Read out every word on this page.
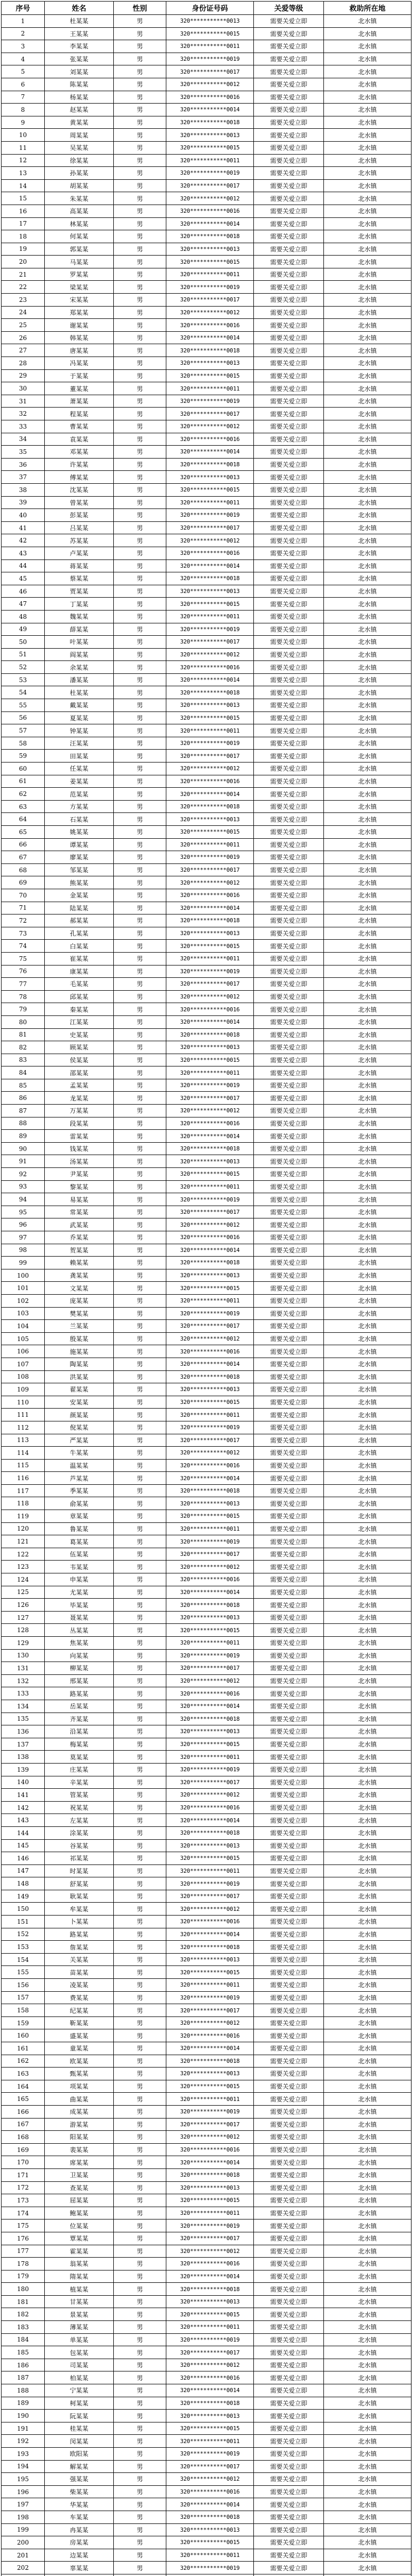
序号	姓名	性别	身份证号码	关爱等级	救助所在地
1	杜某某	男	320***********0013	需要关爱立即	北水镇
2	王某某	男	320***********0015	需要关爱立即	北水镇
3	李某某	男	320***********0011	需要关爱立即	北水镇
4	张某某	男	320***********0019	需要关爱立即	北水镇
5	刘某某	男	320***********0017	需要关爱立即	北水镇
6	陈某某	男	320***********0012	需要关爱立即	北水镇
7	杨某某	男	320***********0016	需要关爱立即	北水镇
8	赵某某	男	320***********0014	需要关爱立即	北水镇
9	黄某某	男	320***********0018	需要关爱立即	北水镇
10	周某某	男	320***********0013	需要关爱立即	北水镇
11	吴某某	男	320***********0015	需要关爱立即	北水镇
12	徐某某	男	320***********0011	需要关爱立即	北水镇
13	孙某某	男	320***********0019	需要关爱立即	北水镇
14	胡某某	男	320***********0017	需要关爱立即	北水镇
15	朱某某	男	320***********0012	需要关爱立即	北水镇
16	高某某	男	320***********0016	需要关爱立即	北水镇
17	林某某	男	320***********0014	需要关爱立即	北水镇
18	何某某	男	320***********0018	需要关爱立即	北水镇
19	郭某某	男	320***********0013	需要关爱立即	北水镇
20	马某某	男	320***********0015	需要关爱立即	北水镇
21	罗某某	男	320***********0011	需要关爱立即	北水镇
22	梁某某	男	320***********0019	需要关爱立即	北水镇
23	宋某某	男	320***********0017	需要关爱立即	北水镇
24	郑某某	男	320***********0012	需要关爱立即	北水镇
25	谢某某	男	320***********0016	需要关爱立即	北水镇
26	韩某某	男	320***********0014	需要关爱立即	北水镇
27	唐某某	男	320***********0018	需要关爱立即	北水镇
28	冯某某	男	320***********0013	需要关爱立即	北水镇
29	于某某	男	320***********0015	需要关爱立即	北水镇
30	董某某	男	320***********0011	需要关爱立即	北水镇
31	萧某某	男	320***********0019	需要关爱立即	北水镇
32	程某某	男	320***********0017	需要关爱立即	北水镇
33	曹某某	男	320***********0012	需要关爱立即	北水镇
34	袁某某	男	320***********0016	需要关爱立即	北水镇
35	邓某某	男	320***********0014	需要关爱立即	北水镇
36	许某某	男	320***********0018	需要关爱立即	北水镇
37	傅某某	男	320***********0013	需要关爱立即	北水镇
38	沈某某	男	320***********0015	需要关爱立即	北水镇
39	曾某某	男	320***********0011	需要关爱立即	北水镇
40	彭某某	男	320***********0019	需要关爱立即	北水镇
41	吕某某	男	320***********0017	需要关爱立即	北水镇
42	苏某某	男	320***********0012	需要关爱立即	北水镇
43	卢某某	男	320***********0016	需要关爱立即	北水镇
44	蒋某某	男	320***********0014	需要关爱立即	北水镇
45	蔡某某	男	320***********0018	需要关爱立即	北水镇
46	贾某某	男	320***********0013	需要关爱立即	北水镇
47	丁某某	男	320***********0015	需要关爱立即	北水镇
48	魏某某	男	320***********0011	需要关爱立即	北水镇
49	薛某某	男	320***********0019	需要关爱立即	北水镇
50	叶某某	男	320***********0017	需要关爱立即	北水镇
51	阎某某	男	320***********0012	需要关爱立即	北水镇
52	余某某	男	320***********0016	需要关爱立即	北水镇
53	潘某某	男	320***********0014	需要关爱立即	北水镇
54	杜某某	男	320***********0018	需要关爱立即	北水镇
55	戴某某	男	320***********0013	需要关爱立即	北水镇
56	夏某某	男	320***********0015	需要关爱立即	北水镇
57	钟某某	男	320***********0011	需要关爱立即	北水镇
58	汪某某	男	320***********0019	需要关爱立即	北水镇
59	田某某	男	320***********0017	需要关爱立即	北水镇
60	任某某	男	320***********0012	需要关爱立即	北水镇
61	姜某某	男	320***********0016	需要关爱立即	北水镇
62	范某某	男	320***********0014	需要关爱立即	北水镇
63	方某某	男	320***********0018	需要关爱立即	北水镇
64	石某某	男	320***********0013	需要关爱立即	北水镇
65	姚某某	男	320***********0015	需要关爱立即	北水镇
66	谭某某	男	320***********0011	需要关爱立即	北水镇
67	廖某某	男	320***********0019	需要关爱立即	北水镇
68	邹某某	男	320***********0017	需要关爱立即	北水镇
69	熊某某	男	320***********0012	需要关爱立即	北水镇
70	金某某	男	320***********0016	需要关爱立即	北水镇
71	陆某某	男	320***********0014	需要关爱立即	北水镇
72	郝某某	男	320***********0018	需要关爱立即	北水镇
73	孔某某	男	320***********0013	需要关爱立即	北水镇
74	白某某	男	320***********0015	需要关爱立即	北水镇
75	崔某某	男	320***********0011	需要关爱立即	北水镇
76	康某某	男	320***********0019	需要关爱立即	北水镇
77	毛某某	男	320***********0017	需要关爱立即	北水镇
78	邱某某	男	320***********0012	需要关爱立即	北水镇
79	秦某某	男	320***********0016	需要关爱立即	北水镇
80	江某某	男	320***********0014	需要关爱立即	北水镇
81	史某某	男	320***********0018	需要关爱立即	北水镇
82	顾某某	男	320***********0013	需要关爱立即	北水镇
83	侯某某	男	320***********0015	需要关爱立即	北水镇
84	邵某某	男	320***********0011	需要关爱立即	北水镇
85	孟某某	男	320***********0019	需要关爱立即	北水镇
86	龙某某	男	320***********0017	需要关爱立即	北水镇
87	万某某	男	320***********0012	需要关爱立即	北水镇
88	段某某	男	320***********0016	需要关爱立即	北水镇
89	雷某某	男	320***********0014	需要关爱立即	北水镇
90	钱某某	男	320***********0018	需要关爱立即	北水镇
91	汤某某	男	320***********0013	需要关爱立即	北水镇
92	尹某某	男	320***********0015	需要关爱立即	北水镇
93	黎某某	男	320***********0011	需要关爱立即	北水镇
94	易某某	男	320***********0019	需要关爱立即	北水镇
95	常某某	男	320***********0017	需要关爱立即	北水镇
96	武某某	男	320***********0012	需要关爱立即	北水镇
97	乔某某	男	320***********0016	需要关爱立即	北水镇
98	贺某某	男	320***********0014	需要关爱立即	北水镇
99	赖某某	男	320***********0018	需要关爱立即	北水镇
100	龚某某	男	320***********0013	需要关爱立即	北水镇
101	文某某	男	320***********0015	需要关爱立即	北水镇
102	庞某某	男	320***********0011	需要关爱立即	北水镇
103	樊某某	男	320***********0019	需要关爱立即	北水镇
104	兰某某	男	320***********0017	需要关爱立即	北水镇
105	殷某某	男	320***********0012	需要关爱立即	北水镇
106	施某某	男	320***********0016	需要关爱立即	北水镇
107	陶某某	男	320***********0014	需要关爱立即	北水镇
108	洪某某	男	320***********0018	需要关爱立即	北水镇
109	翟某某	男	320***********0013	需要关爱立即	北水镇
110	安某某	男	320***********0015	需要关爱立即	北水镇
111	颜某某	男	320***********0011	需要关爱立即	北水镇
112	倪某某	男	320***********0019	需要关爱立即	北水镇
113	严某某	男	320***********0017	需要关爱立即	北水镇
114	牛某某	男	320***********0012	需要关爱立即	北水镇
115	温某某	男	320***********0016	需要关爱立即	北水镇
116	芦某某	男	320***********0014	需要关爱立即	北水镇
117	季某某	男	320***********0018	需要关爱立即	北水镇
118	俞某某	男	320***********0013	需要关爱立即	北水镇
119	章某某	男	320***********0015	需要关爱立即	北水镇
120	鲁某某	男	320***********0011	需要关爱立即	北水镇
121	葛某某	男	320***********0019	需要关爱立即	北水镇
122	伍某某	男	320***********0017	需要关爱立即	北水镇
123	韦某某	男	320***********0012	需要关爱立即	北水镇
124	申某某	男	320***********0016	需要关爱立即	北水镇
125	尤某某	男	320***********0014	需要关爱立即	北水镇
126	毕某某	男	320***********0018	需要关爱立即	北水镇
127	聂某某	男	320***********0013	需要关爱立即	北水镇
128	丛某某	男	320***********0015	需要关爱立即	北水镇
129	焦某某	男	320***********0011	需要关爱立即	北水镇
130	向某某	男	320***********0019	需要关爱立即	北水镇
131	柳某某	男	320***********0017	需要关爱立即	北水镇
132	邢某某	男	320***********0012	需要关爱立即	北水镇
133	路某某	男	320***********0016	需要关爱立即	北水镇
134	岳某某	男	320***********0014	需要关爱立即	北水镇
135	齐某某	男	320***********0018	需要关爱立即	北水镇
136	沿某某	男	320***********0013	需要关爱立即	北水镇
137	梅某某	男	320***********0015	需要关爱立即	北水镇
138	莫某某	男	320***********0011	需要关爱立即	北水镇
139	庄某某	男	320***********0019	需要关爱立即	北水镇
140	辛某某	男	320***********0017	需要关爱立即	北水镇
141	管某某	男	320***********0012	需要关爱立即	北水镇
142	祝某某	男	320***********0016	需要关爱立即	北水镇
143	左某某	男	320***********0014	需要关爱立即	北水镇
144	涂某某	男	320***********0018	需要关爱立即	北水镇
145	谷某某	男	320***********0013	需要关爱立即	北水镇
146	祁某某	男	320***********0015	需要关爱立即	北水镇
147	时某某	男	320***********0011	需要关爱立即	北水镇
148	舒某某	男	320***********0019	需要关爱立即	北水镇
149	耿某某	男	320***********0017	需要关爱立即	北水镇
150	牟某某	男	320***********0012	需要关爱立即	北水镇
151	卜某某	男	320***********0016	需要关爱立即	北水镇
152	路某某	男	320***********0014	需要关爱立即	北水镇
153	詹某某	男	320***********0018	需要关爱立即	北水镇
154	关某某	男	320***********0013	需要关爱立即	北水镇
155	苗某某	男	320***********0015	需要关爱立即	北水镇
156	凌某某	男	320***********0011	需要关爱立即	北水镇
157	费某某	男	320***********0019	需要关爱立即	北水镇
158	纪某某	男	320***********0017	需要关爱立即	北水镇
159	靳某某	男	320***********0012	需要关爱立即	北水镇
160	盛某某	男	320***********0016	需要关爱立即	北水镇
161	童某某	男	320***********0014	需要关爱立即	北水镇
162	欧某某	男	320***********0018	需要关爱立即	北水镇
163	甄某某	男	320***********0013	需要关爱立即	北水镇
164	项某某	男	320***********0015	需要关爱立即	北水镇
165	曲某某	男	320***********0011	需要关爱立即	北水镇
166	成某某	男	320***********0019	需要关爱立即	北水镇
167	游某某	男	320***********0017	需要关爱立即	北水镇
168	阳某某	男	320***********0012	需要关爱立即	北水镇
169	裴某某	男	320***********0016	需要关爱立即	北水镇
170	席某某	男	320***********0014	需要关爱立即	北水镇
171	卫某某	男	320***********0018	需要关爱立即	北水镇
172	查某某	男	320***********0013	需要关爱立即	北水镇
173	屈某某	男	320***********0015	需要关爱立即	北水镇
174	鲍某某	男	320***********0011	需要关爱立即	北水镇
175	位某某	男	320***********0019	需要关爱立即	北水镇
176	覃某某	男	320***********0017	需要关爱立即	北水镇
177	霍某某	男	320***********0012	需要关爱立即	北水镇
178	翁某某	男	320***********0016	需要关爱立即	北水镇
179	隋某某	男	320***********0014	需要关爱立即	北水镇
180	植某某	男	320***********0018	需要关爱立即	北水镇
181	甘某某	男	320***********0013	需要关爱立即	北水镇
182	景某某	男	320***********0015	需要关爱立即	北水镇
183	薄某某	男	320***********0011	需要关爱立即	北水镇
184	单某某	男	320***********0019	需要关爱立即	北水镇
185	包某某	男	320***********0017	需要关爱立即	北水镇
186	司某某	男	320***********0012	需要关爱立即	北水镇
187	柏某某	男	320***********0016	需要关爱立即	北水镇
188	宁某某	男	320***********0014	需要关爱立即	北水镇
189	柯某某	男	320***********0018	需要关爱立即	北水镇
190	阮某某	男	320***********0013	需要关爱立即	北水镇
191	桂某某	男	320***********0015	需要关爱立即	北水镇
192	闵某某	男	320***********0011	需要关爱立即	北水镇
193	欧阳某	男	320***********0019	需要关爱立即	北水镇
194	解某某	男	320***********0017	需要关爱立即	北水镇
195	强某某	男	320***********0012	需要关爱立即	北水镇
196	柴某某	男	320***********0016	需要关爱立即	北水镇
197	华某某	男	320***********0014	需要关爱立即	北水镇
198	车某某	男	320***********0018	需要关爱立即	北水镇
199	冉某某	男	320***********0013	需要关爱立即	北水镇
200	房某某	男	320***********0015	需要关爱立即	北水镇
201	边某某	男	320***********0011	需要关爱立即	北水镇
202	辜某某	男	320***********0019	需要关爱立即	北水镇
